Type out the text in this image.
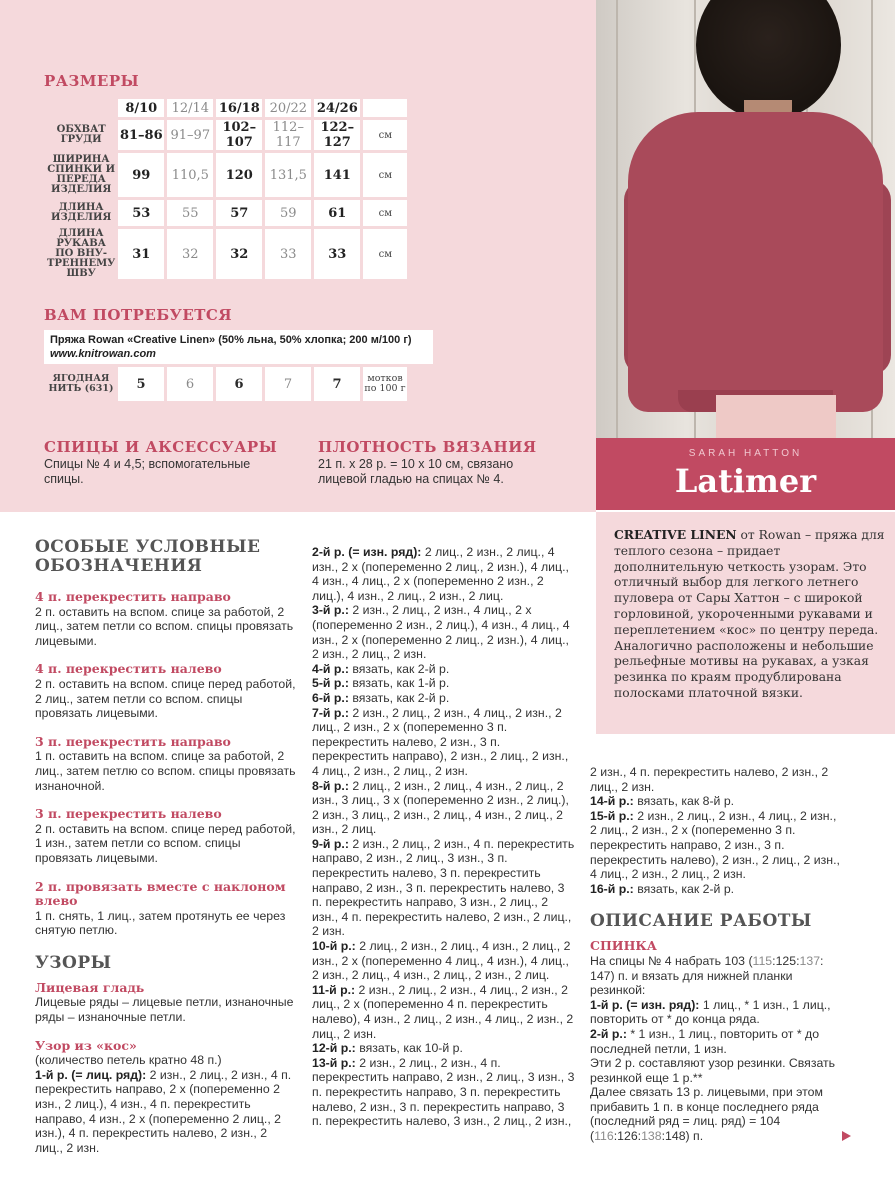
SARAH HATTON
Latimer

CREATIVE LINEN от Rowan – пряжа для теплого сезона – придает дополнительную четкость узорам. Это отличный выбор для легкого летнего пуловера от Сары Хаттон – с широкой горловиной, укороченными рукавами и переплетением «кос» по центру переда. Аналогично расположены и небольшие рельефные мотивы на рукавах, а узкая резинка по краям продублирована полосками платочной вязки.

РАЗМЕРЫ
	8/10	12/14	16/18	20/22	24/26	
ОБХВАТ ГРУДИ	81–86	91–97	102–107	112–117	122–127	см
ШИРИНА СПИНКИ И ПЕРЕДА ИЗДЕЛИЯ	99	110,5	120	131,5	141	см
ДЛИНА ИЗДЕЛИЯ	53	55	57	59	61	см
ДЛИНА РУКАВА ПО ВНУ-ТРЕННЕМУ ШВУ	31	32	32	33	33	см
ВАМ ПОТРЕБУЕТСЯ
Пряжа Rowan «Creative Linen» (50% льна, 50% хлопка; 200 м/100 г)
www.knitrowan.com
ЯГОДНАЯ НИТЬ (631)	5	6	6	7	7	мотков по 100 г
СПИЦЫ И АКСЕССУАРЫ
Спицы № 4 и 4,5; вспомогательные спицы.
ПЛОТНОСТЬ ВЯЗАНИЯ
21 п. х 28 р. = 10 х 10 см, связано лицевой гладью на спицах № 4.
ОСОБЫЕ УСЛОВНЫЕ ОБОЗНАЧЕНИЯ

4 п. перекрестить направо

2 п. оставить на вспом. спице за работой, 2 лиц., затем петли со вспом. спицы провязать лицевыми.

4 п. перекрестить налево

2 п. оставить на вспом. спице перед работой, 2 лиц., затем петли со вспом. спицы провязать лицевыми.

3 п. перекрестить направо

1 п. оставить на вспом. спице за работой, 2 лиц., затем петлю со вспом. спицы провязать изнаночной.

3 п. перекрестить налево

2 п. оставить на вспом. спице перед работой, 1 изн., затем петли со вспом. спицы провязать лицевыми.

2 п. провязать вместе с наклоном влево

1 п. снять, 1 лиц., затем протянуть ее через снятую петлю.

УЗОРЫ

Лицевая гладь

Лицевые ряды – лицевые петли, изнаночные ряды – изнаночные петли.

Узор из «кос»

(количество петель кратно 48 п.)

1-й р. (= лиц. ряд): 2 изн., 2 лиц., 2 изн., 4 п. перекрестить направо, 2 х (попеременно 2 изн., 2 лиц.), 4 изн., 4 п. перекрестить направо, 4 изн., 2 х (попеременно 2 лиц., 2 изн.), 4 п. перекрестить налево, 2 изн., 2 лиц., 2 изн.

2-й р. (= изн. ряд): 2 лиц., 2 изн., 2 лиц., 4 изн., 2 х (попеременно 2 лиц., 2 изн.), 4 лиц., 4 изн., 4 лиц., 2 х (попеременно 2 изн., 2 лиц.), 4 изн., 2 лиц., 2 изн., 2 лиц.

3-й р.: 2 изн., 2 лиц., 2 изн., 4 лиц., 2 х (попеременно 2 изн., 2 лиц.), 4 изн., 4 лиц., 4 изн., 2 х (попеременно 2 лиц., 2 изн.), 4 лиц., 2 изн., 2 лиц., 2 изн.

4-й р.: вязать, как 2-й р.

5-й р.: вязать, как 1-й р.

6-й р.: вязать, как 2-й р.

7-й р.: 2 изн., 2 лиц., 2 изн., 4 лиц., 2 изн., 2 лиц., 2 изн., 2 х (попеременно 3 п. перекрестить налево, 2 изн., 3 п. перекрестить направо), 2 изн., 2 лиц., 2 изн., 4 лиц., 2 изн., 2 лиц., 2 изн.

8-й р.: 2 лиц., 2 изн., 2 лиц., 4 изн., 2 лиц., 2 изн., 3 лиц., 3 х (попеременно 2 изн., 2 лиц.), 2 изн., 3 лиц., 2 изн., 2 лиц., 4 изн., 2 лиц., 2 изн., 2 лиц.

9-й р.: 2 изн., 2 лиц., 2 изн., 4 п. перекрестить направо, 2 изн., 2 лиц., 3 изн., 3 п. перекрестить налево, 3 п. перекрестить направо, 2 изн., 3 п. перекрестить налево, 3 п. перекрестить направо, 3 изн., 2 лиц., 2 изн., 4 п. перекрестить налево, 2 изн., 2 лиц., 2 изн.

10-й р.: 2 лиц., 2 изн., 2 лиц., 4 изн., 2 лиц., 2 изн., 2 х (попеременно 4 лиц., 4 изн.), 4 лиц., 2 изн., 2 лиц., 4 изн., 2 лиц., 2 изн., 2 лиц.

11-й р.: 2 изн., 2 лиц., 2 изн., 4 лиц., 2 изн., 2 лиц., 2 х (попеременно 4 п. перекрестить налево), 4 изн., 2 лиц., 2 изн., 4 лиц., 2 изн., 2 лиц., 2 изн.

12-й р.: вязать, как 10-й р.

13-й р.: 2 изн., 2 лиц., 2 изн., 4 п. перекрестить направо, 2 изн., 2 лиц., 3 изн., 3 п. перекрестить направо, 3 п. перекрестить налево, 2 изн., 3 п. перекрестить направо, 3 п. перекрестить налево, 3 изн., 2 лиц., 2 изн.,

2 изн., 4 п. перекрестить налево, 2 изн., 2 лиц., 2 изн.

14-й р.: вязать, как 8-й р.

15-й р.: 2 изн., 2 лиц., 2 изн., 4 лиц., 2 изн., 2 лиц., 2 изн., 2 х (попеременно 3 п. перекрестить направо, 2 изн., 3 п. перекрестить налево), 2 изн., 2 лиц., 2 изн., 4 лиц., 2 изн., 2 лиц., 2 изн.

16-й р.: вязать, как 2-й р.

ОПИСАНИЕ РАБОТЫ

СПИНКА

На спицы № 4 набрать 103 (115:125:137: 147) п. и вязать для нижней планки резинкой:

1-й р. (= изн. ряд): 1 лиц., * 1 изн., 1 лиц., повторить от * до конца ряда.

2-й р.: * 1 изн., 1 лиц., повторить от * до последней петли, 1 изн.

Эти 2 р. составляют узор резинки. Связать резинкой еще 1 р.**

Далее связать 13 р. лицевыми, при этом прибавить 1 п. в конце последнего ряда (последний ряд = лиц. ряд) = 104 (116:126:138:148) п.
